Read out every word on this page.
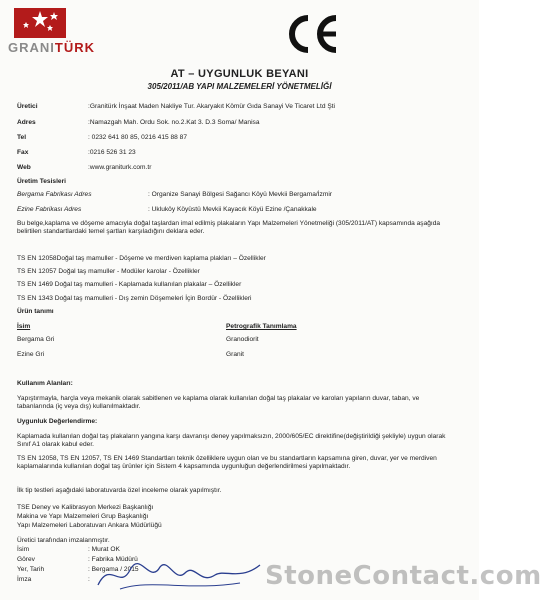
GRANITÜRK
AT – UYGUNLUK BEYANI
305/2011/AB YAPI MALZEMELERİ YÖNETMELİĞİ
Üretici	:Granitürk İnşaat Maden Nakliye Tur. Akaryakıt Kömür Gıda Sanayi Ve Ticaret Ltd Şti
Adres	:Namazgah Mah. Ordu Sok. no.2.Kat 3. D.3 Soma/ Manisa
Tel	: 0232 641 80 85, 0216 415 88 87
Fax	:0216 526 31 23
Web	:www.graniturk.com.tr
Üretim Tesisleri
Bergama Fabrikası Adres	: Organize Sanayi Bölgesi Sağancı Köyü Mevkii Bergama/İzmir
Ezine Fabrikası Adres	: Ukluköy Köyüstü Mevkii Kayacık Köyü Ezine /Çanakkale
Bu belge,kaplama ve döşeme amacıyla doğal taşlardan imal edilmiş plakaların Yapı Malzemeleri Yönetmeliği (305/2011/AT) kapsamında aşağıda belirtilen standartlardaki temel şartları karşıladığını deklara eder.
TS EN 12058Doğal taş mamuller - Döşeme ve merdiven kaplama plakları – Özellikler
TS EN 12057 Doğal taş mamuller - Modüler karolar - Özellikler
TS EN 1469 Doğal taş mamulleri - Kaplamada kullanılan plakalar – Özellikler
TS EN 1343 Doğal taş mamulleri - Dış zemin Döşemeleri İçin Bordür - Özellikleri
Ürün tanımı
İsim	Petrografik Tanımlama
Bergama Gri	Granodiorit
Ezine Gri	Granit
Kullanım Alanları:
Yapıştırmayla, harçla veya mekanik olarak sabitlenen ve kaplama olarak kullanılan doğal taş plakalar ve karoları yapıların duvar, taban, ve tabanlarında (iç veya dış) kullanılmaktadır.
Uygunluk Değerlendirme:
Kaplamada kullanılan doğal taş plakaların yangına karşı davranışı deney yapılmaksızın, 2000/605/EC direktifine(değiştirildiği şekliyle) uygun olarak Sınıf A1 olarak kabul eder.
TS EN 12058, TS EN 12057, TS EN 1469 Standartları teknik özelliklere uygun olan ve bu standartların kapsamına giren, duvar, yer ve merdiven kaplamalarında kullanılan doğal taş ürünler için Sistem 4 kapsamında uygunluğun değerlendirilmesi yapılmaktadır.
İlk tip testleri aşağıdaki laboratuvarda özel inceleme olarak yapılmıştır.
TSE Deney ve Kalibrasyon Merkezi Başkanlığı
Makina ve Yapı Malzemeleri Grup Başkanlığı
Yapı Malzemeleri Laboratuvarı Ankara Müdürlüğü
Üretici tarafından imzalanmıştır.
İsim	: Murat OK
Görev	: Fabrika Müdürü
Yer, Tarih	: Bergama / 2015
İmza	:	StoneContact.com
